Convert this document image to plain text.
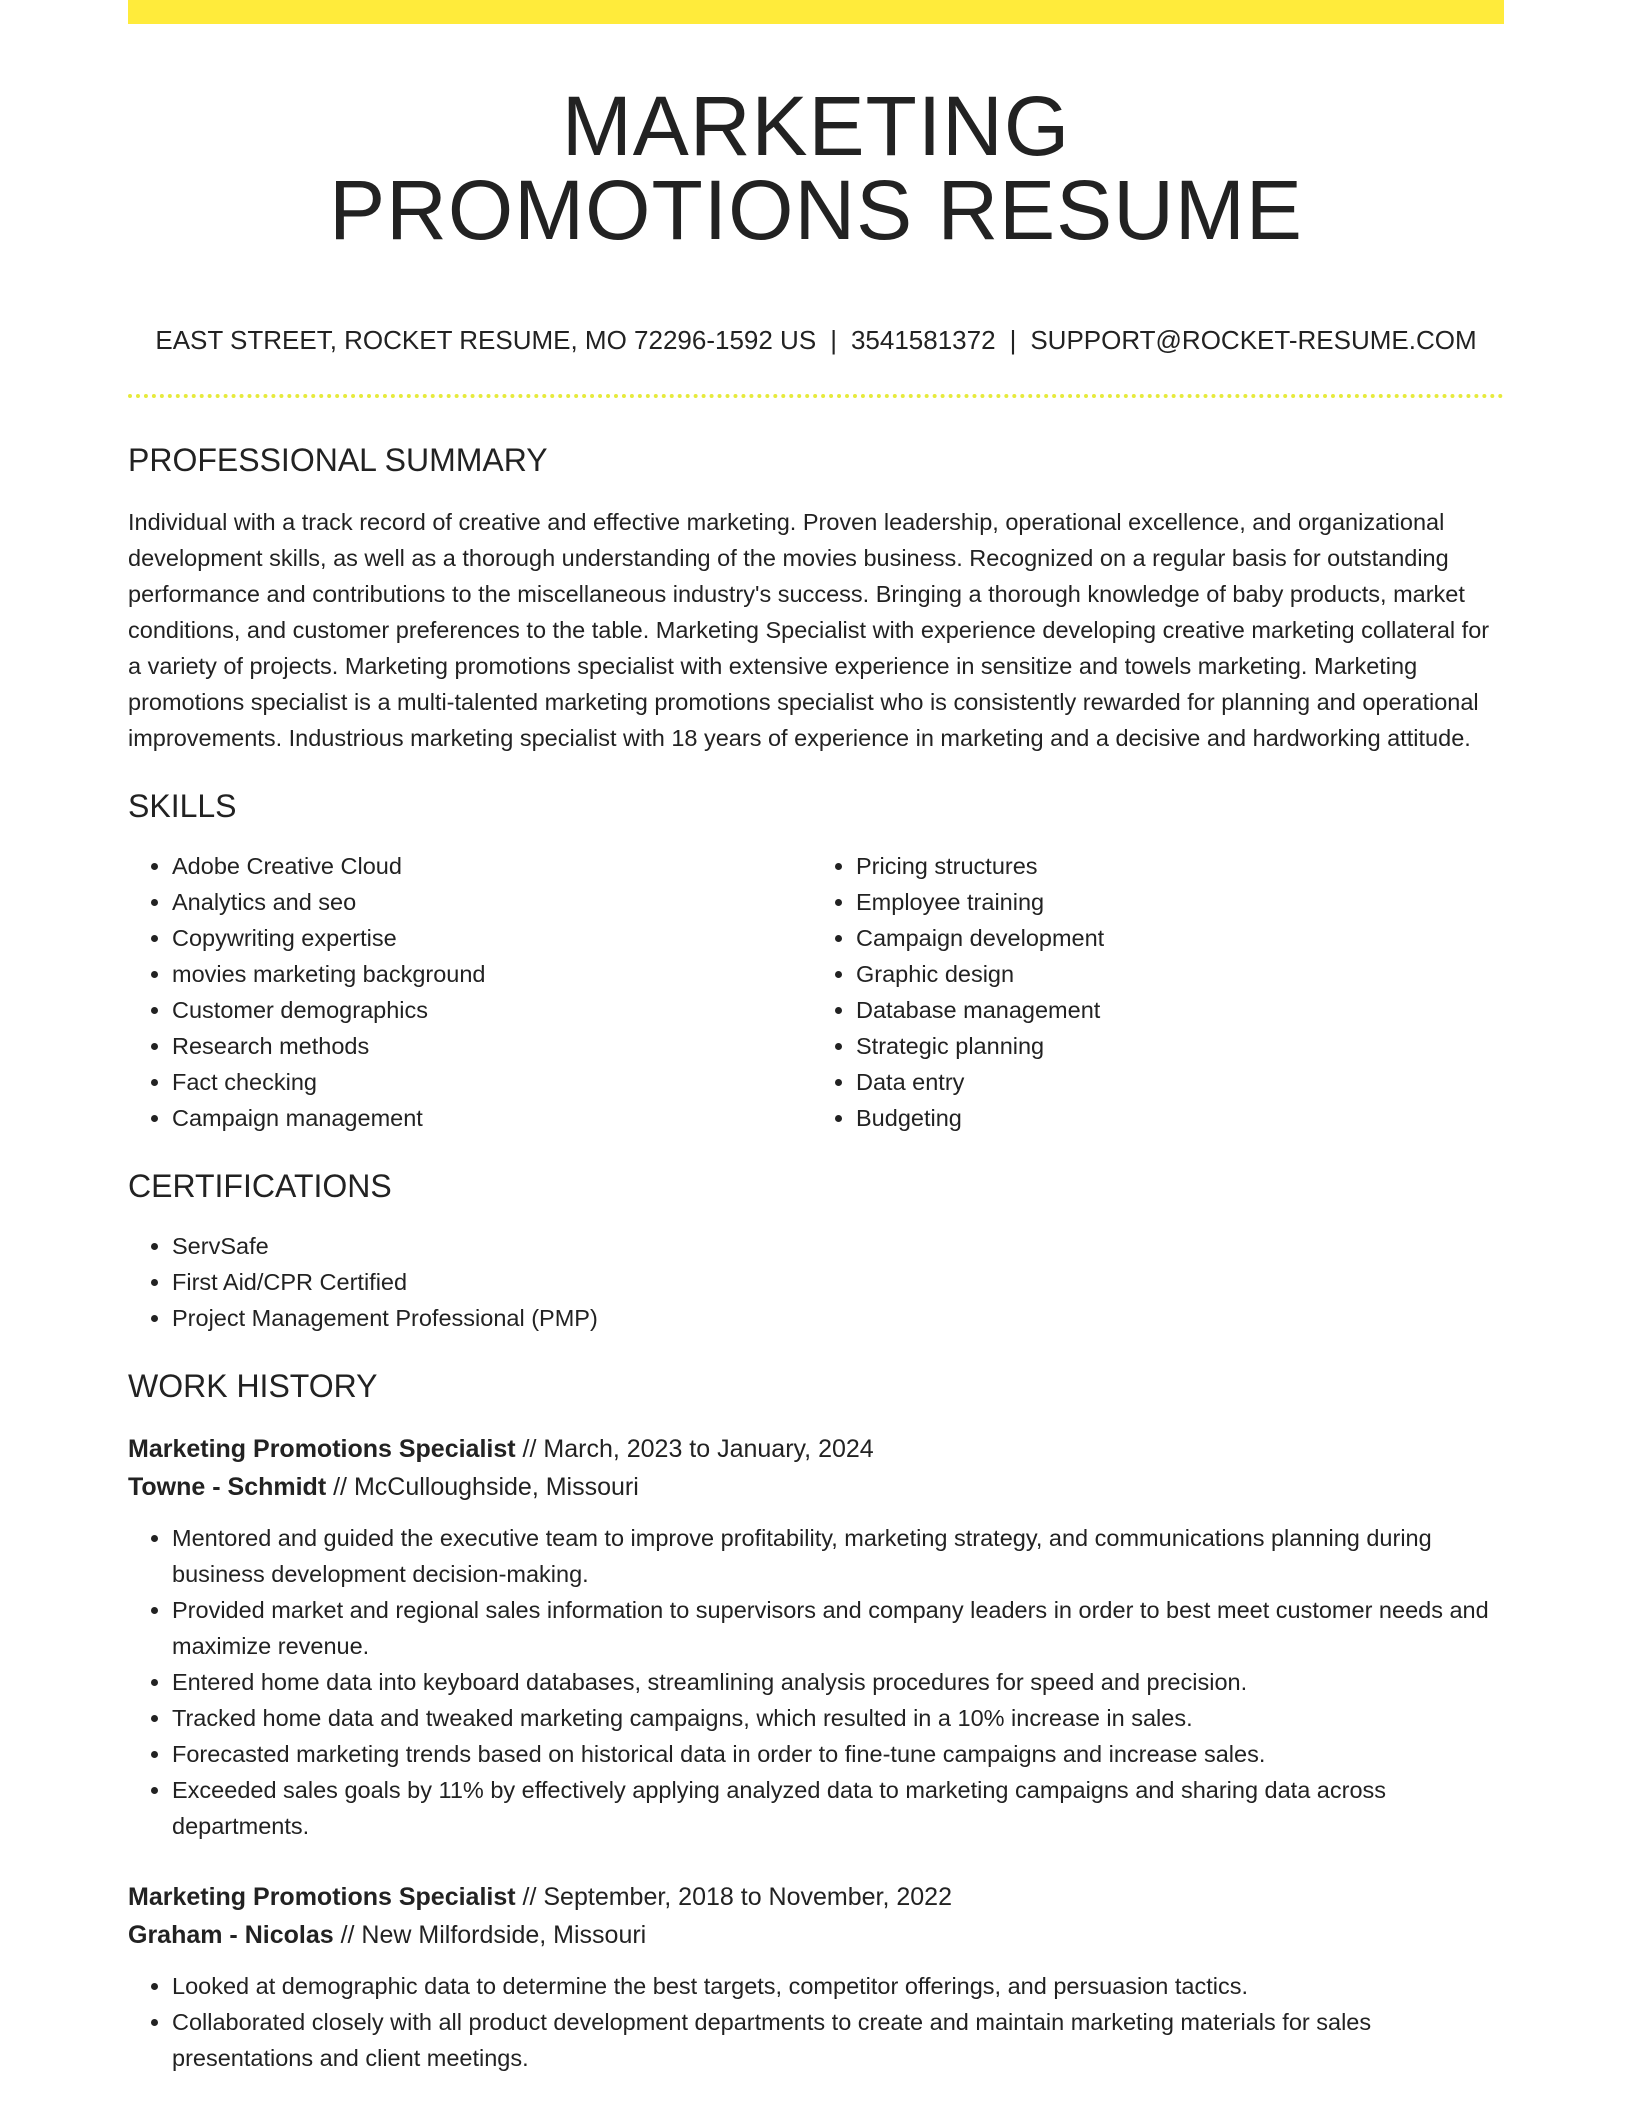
MARKETING
PROMOTIONS RESUME
EAST STREET, ROCKET RESUME, MO 72296-1592 US | 3541581372 | SUPPORT@ROCKET-RESUME.COM
PROFESSIONAL SUMMARY

Individual with a track record of creative and effective marketing. Proven leadership, operational excellence, and organizational development skills, as well as a thorough understanding of the movies business. Recognized on a regular basis for outstanding performance and contributions to the miscellaneous industry's success. Bringing a thorough knowledge of baby products, market conditions, and customer preferences to the table. Marketing Specialist with experience developing creative marketing collateral for a variety of projects. Marketing promotions specialist with extensive experience in sensitize and towels marketing. Marketing promotions specialist is a multi-talented marketing promotions specialist who is consistently rewarded for planning and operational improvements. Industrious marketing specialist with 18 years of experience in marketing and a decisive and hardworking attitude.

SKILLS
• Adobe Creative Cloud
• Analytics and seo
• Copywriting expertise
• movies marketing background
• Customer demographics
• Research methods
• Fact checking
• Campaign management
• Pricing structures
• Employee training
• Campaign development
• Graphic design
• Database management
• Strategic planning
• Data entry
• Budgeting
CERTIFICATIONS
• ServSafe
• First Aid/CPR Certified
• Project Management Professional (PMP)
WORK HISTORY
Marketing Promotions Specialist // March, 2023 to January, 2024
Towne - Schmidt // McCulloughside, Missouri
• Mentored and guided the executive team to improve profitability, marketing strategy, and communications planning during business development decision-making.
• Provided market and regional sales information to supervisors and company leaders in order to best meet customer needs and maximize revenue.
• Entered home data into keyboard databases, streamlining analysis procedures for speed and precision.
• Tracked home data and tweaked marketing campaigns, which resulted in a 10% increase in sales.
• Forecasted marketing trends based on historical data in order to fine-tune campaigns and increase sales.
• Exceeded sales goals by 11% by effectively applying analyzed data to marketing campaigns and sharing data across departments.
Marketing Promotions Specialist // September, 2018 to November, 2022
Graham - Nicolas // New Milfordside, Missouri
• Looked at demographic data to determine the best targets, competitor offerings, and persuasion tactics.
• Collaborated closely with all product development departments to create and maintain marketing materials for sales presentations and client meetings.
